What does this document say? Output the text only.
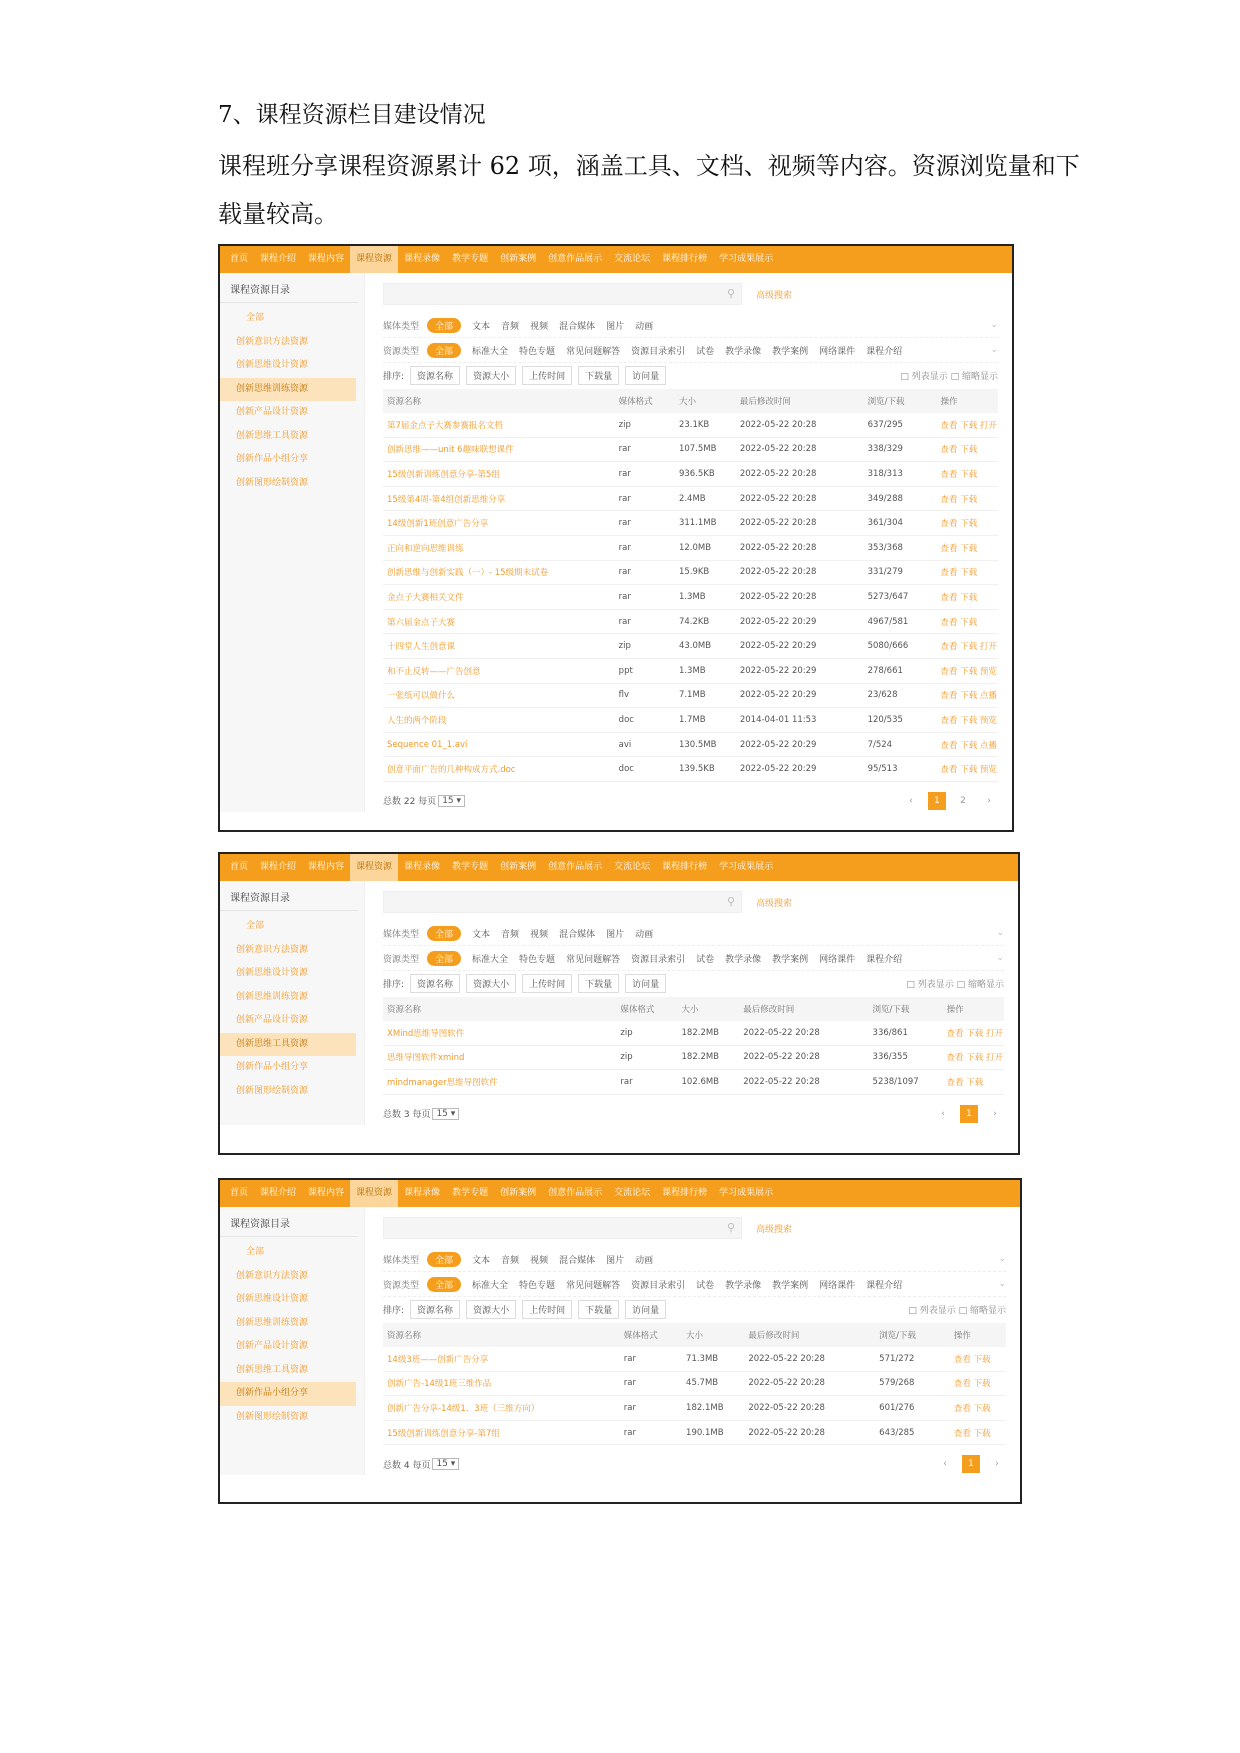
7、课程资源栏目建设情况
课程班分享课程资源累计 62 项，涵盖工具、文档、视频等内容。资源浏览量和下载量较高。
首页	课程介绍	课程内容	课程资源	课程录像	教学专题	创新案例	创意作品展示	交流论坛	课程排行榜	学习成果展示
课程资源目录
全部
创新意识方法资源
创新思维设计资源
创新思维训练资源
创新产品设计资源
创新思维工具资源
创新作品小组分享
创新图形绘制资源
⚲ 高级搜索
媒体类型	全部	文本 音频 视频 混合媒体 图片 动画	⌄
资源类型	全部	标准大全 特色专题 常见问题解答 资源目录索引 试卷 教学录像 教学案例 网络课件 课程介绍	⌄
排序:	资源名称	资源大小	上传时间	下载量	访问量	□ 列表显示 □ 缩略显示
资源名称	媒体格式	大小	最后修改时间	浏览/下载	操作
第7届金点子大赛参赛报名文档	zip	23.1KB	2022-05-22 20:28	637/295	查看 下载 打开
创新思维——unit 6趣味联想课件	rar	107.5MB	2022-05-22 20:28	338/329	查看 下载
15级创新训练创意分享-第5组	rar	936.5KB	2022-05-22 20:28	318/313	查看 下载
15级第4周-第4组创新思维分享	rar	2.4MB	2022-05-22 20:28	349/288	查看 下载
14级创新1班创意广告分享	rar	311.1MB	2022-05-22 20:28	361/304	查看 下载
正向和逆向思维训练	rar	12.0MB	2022-05-22 20:28	353/368	查看 下载
创新思维与创新实践（一）- 15级期末试卷	rar	15.9KB	2022-05-22 20:28	331/279	查看 下载
金点子大赛相关文件	rar	1.3MB	2022-05-22 20:28	5273/647	查看 下载
第六届金点子大赛	rar	74.2KB	2022-05-22 20:29	4967/581	查看 下载
十四堂人生创意课	zip	43.0MB	2022-05-22 20:29	5080/666	查看 下载 打开
和不止反转——广告创意	ppt	1.3MB	2022-05-22 20:29	278/661	查看 下载 预览
一张纸可以做什么	flv	7.1MB	2022-05-22 20:29	23/628	查看 下载 点播
人生的两个阶段	doc	1.7MB	2014-04-01 11:53	120/535	查看 下载 预览
Sequence 01_1.avi	avi	130.5MB	2022-05-22 20:29	7/524	查看 下载 点播
创意平面广告的几种构成方式.doc	doc	139.5KB	2022-05-22 20:29	95/513	查看 下载 预览
总数 22 每页 15 ▾	‹	1	2	›
首页	课程介绍	课程内容	课程资源	课程录像	教学专题	创新案例	创意作品展示	交流论坛	课程排行榜	学习成果展示
课程资源目录
全部
创新意识方法资源
创新思维设计资源
创新思维训练资源
创新产品设计资源
创新思维工具资源
创新作品小组分享
创新图形绘制资源
⚲ 高级搜索
媒体类型	全部	文本 音频 视频 混合媒体 图片 动画	⌄
资源类型	全部	标准大全 特色专题 常见问题解答 资源目录索引 试卷 教学录像 教学案例 网络课件 课程介绍	⌄
排序:	资源名称	资源大小	上传时间	下载量	访问量	□ 列表显示 □ 缩略显示
资源名称	媒体格式	大小	最后修改时间	浏览/下载	操作
XMind思维导图软件	zip	182.2MB	2022-05-22 20:28	336/861	查看 下载 打开
思维导图软件xmind	zip	182.2MB	2022-05-22 20:28	336/355	查看 下载 打开
mindmanager思维导图软件	rar	102.6MB	2022-05-22 20:28	5238/1097	查看 下载
总数 3 每页 15 ▾	‹	1	›
首页	课程介绍	课程内容	课程资源	课程录像	教学专题	创新案例	创意作品展示	交流论坛	课程排行榜	学习成果展示
课程资源目录
全部
创新意识方法资源
创新思维设计资源
创新思维训练资源
创新产品设计资源
创新思维工具资源
创新作品小组分享
创新图形绘制资源
⚲ 高级搜索
媒体类型	全部	文本 音频 视频 混合媒体 图片 动画	⌄
资源类型	全部	标准大全 特色专题 常见问题解答 资源目录索引 试卷 教学录像 教学案例 网络课件 课程介绍	⌄
排序:	资源名称	资源大小	上传时间	下载量	访问量	□ 列表显示 □ 缩略显示
资源名称	媒体格式	大小	最后修改时间	浏览/下载	操作
14级3班——创新广告分享	rar	71.3MB	2022-05-22 20:28	571/272	查看 下载
创新广告-14级1班三维作品	rar	45.7MB	2022-05-22 20:28	579/268	查看 下载
创新广告分享-14级1、3班（三维方向）	rar	182.1MB	2022-05-22 20:28	601/276	查看 下载
15级创新训练创意分享-第7组	rar	190.1MB	2022-05-22 20:28	643/285	查看 下载
总数 4 每页 15 ▾	‹	1	›
